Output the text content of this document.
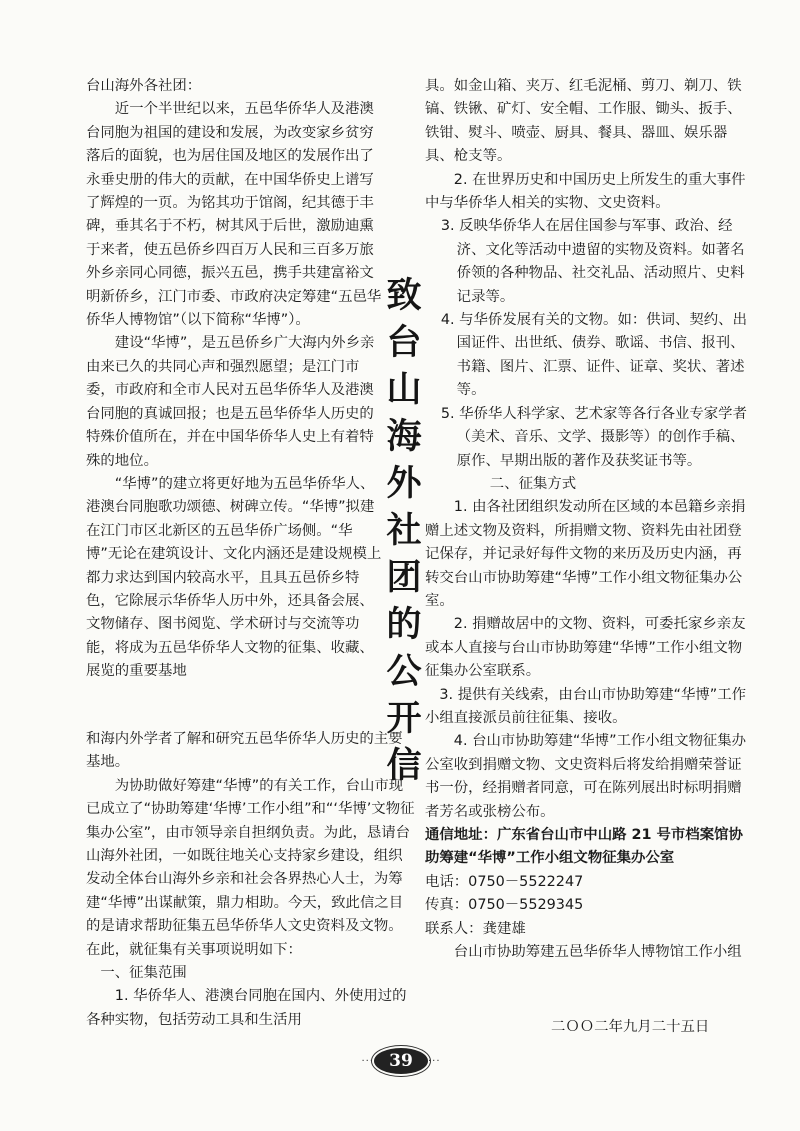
台山海外各社团：

近一个半世纪以来，五邑华侨华人及港澳台同胞为祖国的建设和发展，为改变家乡贫穷落后的面貌，也为居住国及地区的发展作出了永垂史册的伟大的贡献，在中国华侨史上谱写了辉煌的一页。为铭其功于馆阁，纪其德于丰碑，垂其名于不朽，树其风于后世，激励迪熏于来者，使五邑侨乡四百万人民和三百多万旅外乡亲同心同德，振兴五邑，携手共建富裕文明新侨乡，江门市委、市政府决定筹建“五邑华侨华人博物馆”（以下简称“华博”）。

建设“华博”，是五邑侨乡广大海内外乡亲由来已久的共同心声和强烈愿望；是江门市委，市政府和全市人民对五邑华侨华人及港澳台同胞的真诚回报；也是五邑华侨华人历史的特殊价值所在，并在中国华侨华人史上有着特殊的地位。

“华博”的建立将更好地为五邑华侨华人、港澳台同胞歌功颂德、树碑立传。“华博”拟建在江门市区北新区的五邑华侨广场侧。“华博”无论在建筑设计、文化内涵还是建设规模上都力求达到国内较高水平，且具五邑侨乡特色，它除展示华侨华人历中外，还具备会展、文物储存、图书阅览、学术研讨与交流等功能，将成为五邑华侨华人文物的征集、收藏、展览的重要基地

致
台
山
海
外
社
团
的
公
开
信

和海内外学者了解和研究五邑华侨华人历史的主要基地。

为协助做好筹建“华博”的有关工作，台山市现已成立了“协助筹建‘华博’工作小组”和“‘华博’文物征集办公室”，由市领导亲自担纲负责。为此，恳请台山海外社团，一如既往地关心支持家乡建设，组织发动全体台山海外乡亲和社会各界热心人士，为筹建“华博”出谋献策，鼎力相助。今天，致此信之目的是请求帮助征集五邑华侨华人文史资料及文物。在此，就征集有关事项说明如下：

一、征集范围

1. 华侨华人、港澳台同胞在国内、外使用过的各种实物，包括劳动工具和生活用

具。如金山箱、夹万、红毛泥桶、剪刀、剃刀、铁镐、铁锹、矿灯、安全帽、工作服、锄头、扳手、铁钳、熨斗、喷壶、厨具、餐具、器皿、娱乐器具、枪支等。

2. 在世界历史和中国历史上所发生的重大事件中与华侨华人相关的实物、文史资料。

3. 反映华侨华人在居住国参与军事、政治、经济、文化等活动中遗留的实物及资料。如著名侨领的各种物品、社交礼品、活动照片、史料记录等。

4. 与华侨发展有关的文物。如：供词、契约、出国证件、出世纸、债券、歌谣、书信、报刊、书籍、图片、汇票、证件、证章、奖状、著述等。

5. 华侨华人科学家、艺术家等各行各业专家学者（美术、音乐、文学、摄影等）的创作手稿、原作、早期出版的著作及获奖证书等。

二、征集方式

1. 由各社团组织发动所在区域的本邑籍乡亲捐赠上述文物及资料，所捐赠文物、资料先由社团登记保存，并记录好每件文物的来历及历史内涵，再转交台山市协助筹建“华博”工作小组文物征集办公室。

2. 捐赠故居中的文物、资料，可委托家乡亲友或本人直接与台山市协助筹建“华博”工作小组文物征集办公室联系。

3. 提供有关线索，由台山市协助筹建“华博”工作小组直接派员前往征集、接收。

4. 台山市协助筹建“华博”工作小组文物征集办公室收到捐赠文物、文史资料后将发给捐赠荣誉证书一份，经捐赠者同意，可在陈列展出时标明捐赠者芳名或张榜公布。

通信地址：广东省台山市中山路 21 号市档案馆协助筹建“华博”工作小组文物征集办公室

电话：0750－5522247

传真：0750－5529345

联系人：龚建雄

台山市协助筹建五邑华侨华人博物馆工作小组

二ＯＯ二年九月二十五日
··· 39	···
